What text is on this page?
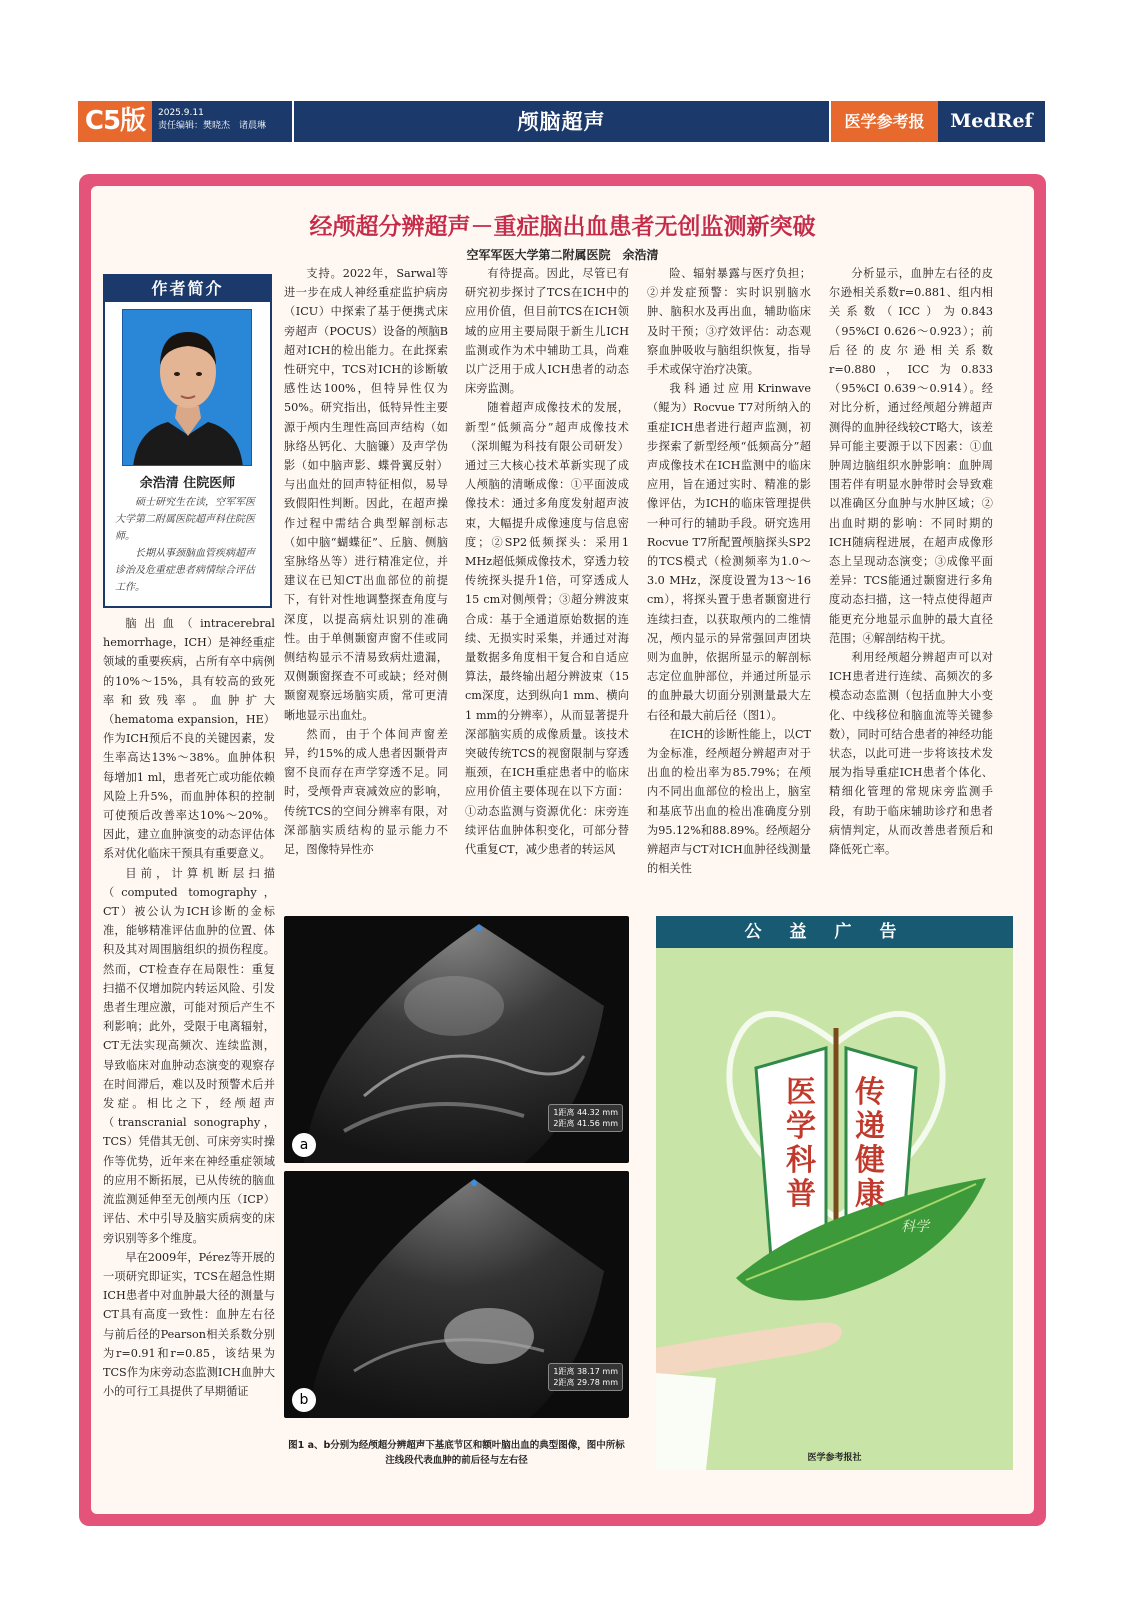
C5版	2025.9.11
责任编辑：樊晓杰　诸晨琳	颅脑超声	医学参考报	MedRef
经颅超分辨超声－重症脑出血患者无创监测新突破
空军军医大学第二附属医院　余浩清
作者简介
余浩清 住院医师

硕士研究生在读，空军军医大学第二附属医院超声科住院医师。

长期从事颈脑血管疾病超声诊治及危重症患者病情综合评估工作。

脑出血（intracerebral hemorrhage，ICH）是神经重症领域的重要疾病，占所有卒中病例的10%～15%，具有较高的致死率和致残率。血肿扩大（hematoma expansion，HE）作为ICH预后不良的关键因素，发生率高达13%～38%。血肿体积每增加1 ml，患者死亡或功能依赖风险上升5%，而血肿体积的控制可使预后改善率达10%～20%。因此，建立血肿演变的动态评估体系对优化临床干预具有重要意义。

目前，计算机断层扫描（computed tomography，CT）被公认为ICH诊断的金标准，能够精准评估血肿的位置、体积及其对周围脑组织的损伤程度。然而，CT检查存在局限性：重复扫描不仅增加院内转运风险、引发患者生理应激，可能对预后产生不利影响；此外，受限于电离辐射，CT无法实现高频次、连续监测，导致临床对血肿动态演变的观察存在时间滞后，难以及时预警术后并发症。相比之下，经颅超声（transcranial sonography，TCS）凭借其无创、可床旁实时操作等优势，近年来在神经重症领域的应用不断拓展，已从传统的脑血流监测延伸至无创颅内压（ICP）评估、术中引导及脑实质病变的床旁识别等多个维度。

早在2009年，Pérez等开展的一项研究即证实，TCS在超急性期ICH患者中对血肿最大径的测量与CT具有高度一致性：血肿左右径与前后径的Pearson相关系数分别为r=0.91和r=0.85，该结果为TCS作为床旁动态监测ICH血肿大小的可行工具提供了早期循证

支持。2022年，Sarwal等进一步在成人神经重症监护病房（ICU）中探索了基于便携式床旁超声（POCUS）设备的颅脑B超对ICH的检出能力。在此探索性研究中，TCS对ICH的诊断敏感性达100%，但特异性仅为50%。研究指出，低特异性主要源于颅内生理性高回声结构（如脉络丛钙化、大脑镰）及声学伪影（如中脑声影、蝶骨翼反射）与出血灶的回声特征相似，易导致假阳性判断。因此，在超声操作过程中需结合典型解剖标志（如中脑“蝴蝶征”、丘脑、侧脑室脉络丛等）进行精准定位，并建议在已知CT出血部位的前提下，有针对性地调整探查角度与深度，以提高病灶识别的准确性。由于单侧颞窗声窗不佳或同侧结构显示不清易致病灶遗漏，双侧颞窗探查不可或缺；经对侧颞窗观察远场脑实质，常可更清晰地显示出血灶。

然而，由于个体间声窗差异，约15%的成人患者因颞骨声窗不良而存在声学穿透不足。同时，受颅骨声衰减效应的影响，传统TCS的空间分辨率有限，对深部脑实质结构的显示能力不足，图像特异性亦

有待提高。因此，尽管已有研究初步探讨了TCS在ICH中的应用价值，但目前TCS在ICH领域的应用主要局限于新生儿ICH监测或作为术中辅助工具，尚难以广泛用于成人ICH患者的动态床旁监测。

随着超声成像技术的发展，新型“低频高分”超声成像技术（深圳鲲为科技有限公司研发）通过三大核心技术革新实现了成人颅脑的清晰成像：①平面波成像技术：通过多角度发射超声波束，大幅提升成像速度与信息密度；②SP2低频探头：采用1 MHz超低频成像技术，穿透力较传统探头提升1倍，可穿透成人15 cm对侧颅骨；③超分辨波束合成：基于全通道原始数据的连续、无损实时采集，并通过对海量数据多角度相干复合和自适应算法，最终输出超分辨波束（15 cm深度，达到纵向1 mm、横向1 mm的分辨率），从而显著提升深部脑实质的成像质量。该技术突破传统TCS的视窗限制与穿透瓶颈，在ICH重症患者中的临床应用价值主要体现在以下方面：①动态监测与资源优化：床旁连续评估血肿体积变化，可部分替代重复CT，减少患者的转运风

险、辐射暴露与医疗负担；②并发症预警：实时识别脑水肿、脑积水及再出血，辅助临床及时干预；③疗效评估：动态观察血肿吸收与脑组织恢复，指导手术或保守治疗决策。

我科通过应用Krinwave（鲲为）Rocvue T7对所纳入的重症ICH患者进行超声监测，初步探索了新型经颅“低频高分”超声成像技术在ICH监测中的临床应用，旨在通过实时、精准的影像评估，为ICH的临床管理提供一种可行的辅助手段。研究选用Rocvue T7所配置颅脑探头SP2的TCS模式（检测频率为1.0～3.0 MHz，深度设置为13～16 cm），将探头置于患者颞窗进行连续扫查，以获取颅内的二维情况，颅内显示的异常强回声团块则为血肿，依据所显示的解剖标志定位血肿部位，并通过所显示的血肿最大切面分别测量最大左右径和最大前后径（图1）。

在ICH的诊断性能上，以CT为金标准，经颅超分辨超声对于出血的检出率为85.79%；在颅内不同出血部位的检出上，脑室和基底节出血的检出准确度分别为95.12%和88.89%。经颅超分辨超声与CT对ICH血肿径线测量的相关性

分析显示，血肿左右径的皮尔逊相关系数r=0.881、组内相关系数（ICC）为0.843（95%CI 0.626～0.923）；前后径的皮尔逊相关系数r=0.880，ICC为0.833（95%CI 0.639～0.914）。经对比分析，通过经颅超分辨超声测得的血肿径线较CT略大，该差异可能主要源于以下因素：①血肿周边脑组织水肿影响：血肿周围若伴有明显水肿带时会导致难以准确区分血肿与水肿区域；②出血时期的影响：不同时期的ICH随病程进展，在超声成像形态上呈现动态演变；③成像平面差异：TCS能通过颞窗进行多角度动态扫描，这一特点使得超声能更充分地显示血肿的最大直径范围；④解剖结构干扰。

利用经颅超分辨超声可以对ICH患者进行连续、高频次的多模态动态监测（包括血肿大小变化、中线移位和脑血流等关键参数），同时可结合患者的神经功能状态，以此可进一步将该技术发展为指导重症ICH患者个体化、精细化管理的常规床旁监测手段，有助于临床辅助诊疗和患者病情判定，从而改善患者预后和降低死亡率。

a
1距离 44.32 mm
2距离 41.56 mm
b
1距离 38.17 mm
2距离 29.78 mm
图1 a、b分别为经颅超分辨超声下基底节区和额叶脑出血的典型图像，图中所标注线段代表血肿的前后径与左右径
公益广告
医学科普
传递健康
科学
医学参考报社
